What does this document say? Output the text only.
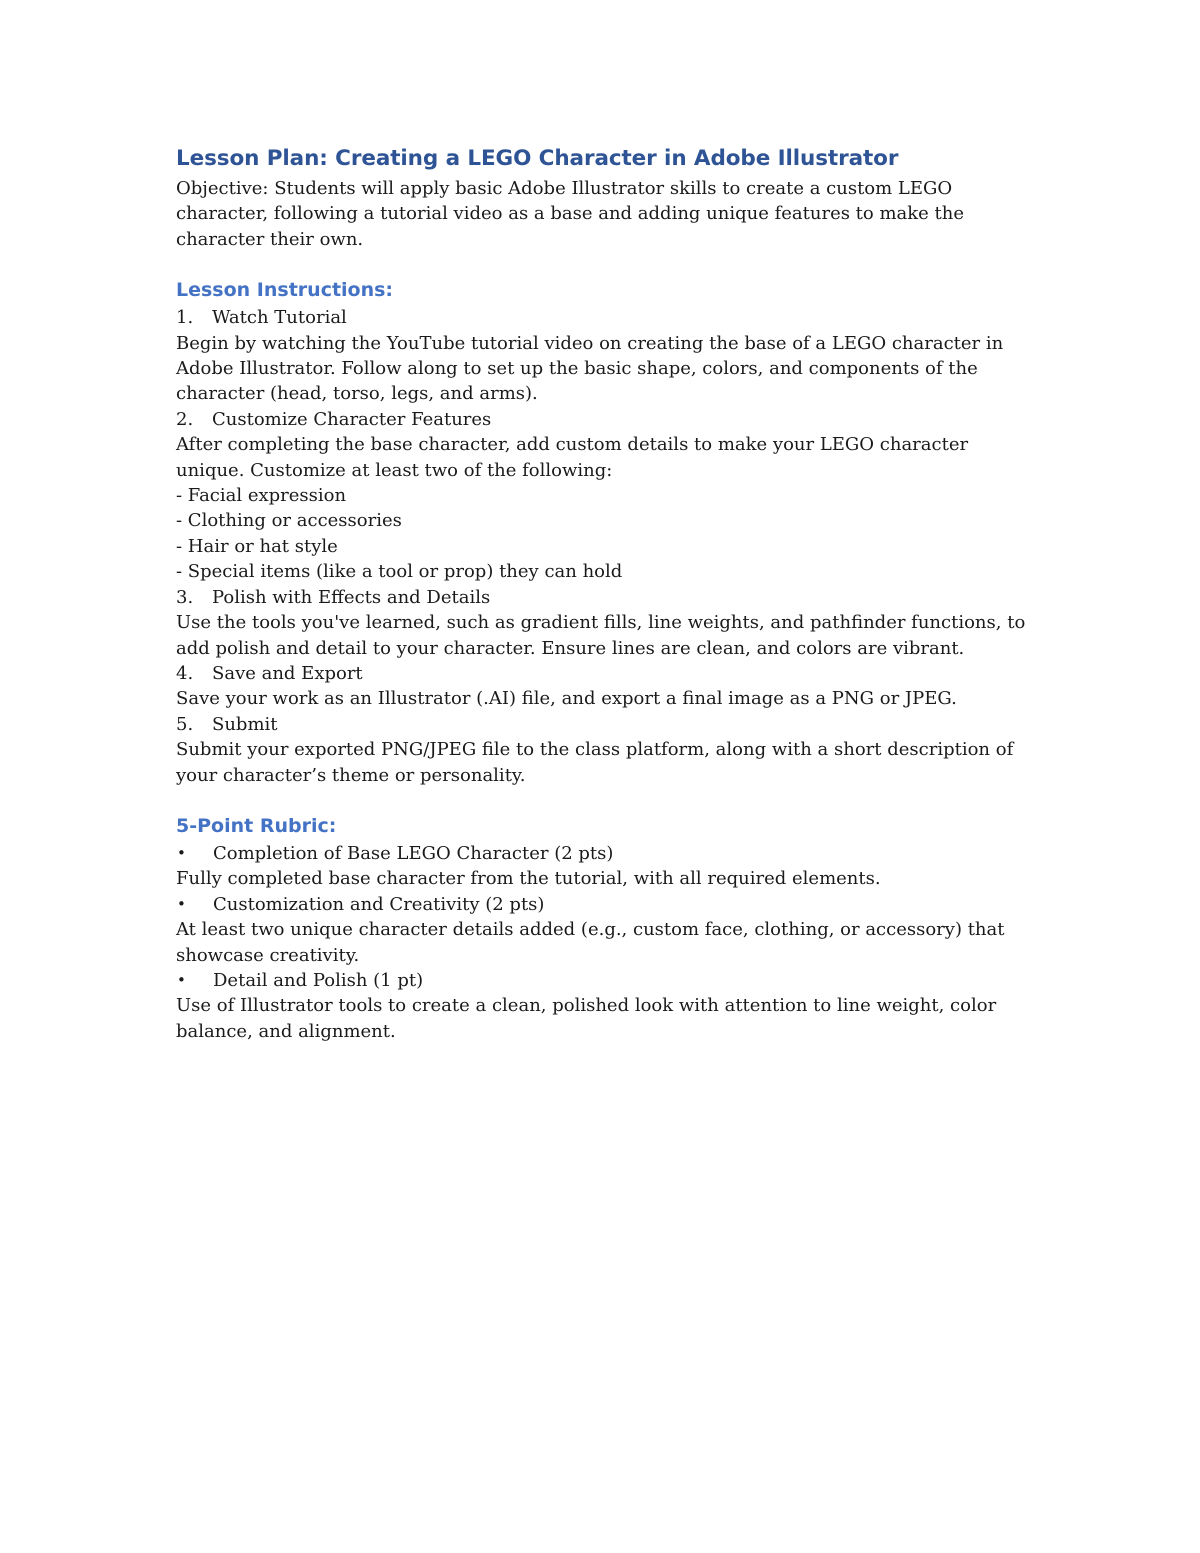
Lesson Plan: Creating a LEGO Character in Adobe Illustrator

Objective: Students will apply basic Adobe Illustrator skills to create a custom LEGO character, following a tutorial video as a base and adding unique features to make the character their own.

Lesson Instructions:
1.	Watch Tutorial

Begin by watching the YouTube tutorial video on creating the base of a LEGO character in Adobe Illustrator. Follow along to set up the basic shape, colors, and components of the character (head, torso, legs, and arms).

2.	Customize Character Features

After completing the base character, add custom details to make your LEGO character unique. Customize at least two of the following:

- Facial expression

- Clothing or accessories

- Hair or hat style

- Special items (like a tool or prop) they can hold

3.	Polish with Effects and Details

Use the tools you've learned, such as gradient fills, line weights, and pathfinder functions, to add polish and detail to your character. Ensure lines are clean, and colors are vibrant.

4.	Save and Export

Save your work as an Illustrator (.AI) file, and export a final image as a PNG or JPEG.

5.	Submit

Submit your exported PNG/JPEG file to the class platform, along with a short description of your character’s theme or personality.

5-Point Rubric:
•	Completion of Base LEGO Character (2 pts)

Fully completed base character from the tutorial, with all required elements.

•	Customization and Creativity (2 pts)

At least two unique character details added (e.g., custom face, clothing, or accessory) that showcase creativity.

•	Detail and Polish (1 pt)

Use of Illustrator tools to create a clean, polished look with attention to line weight, color balance, and alignment.
